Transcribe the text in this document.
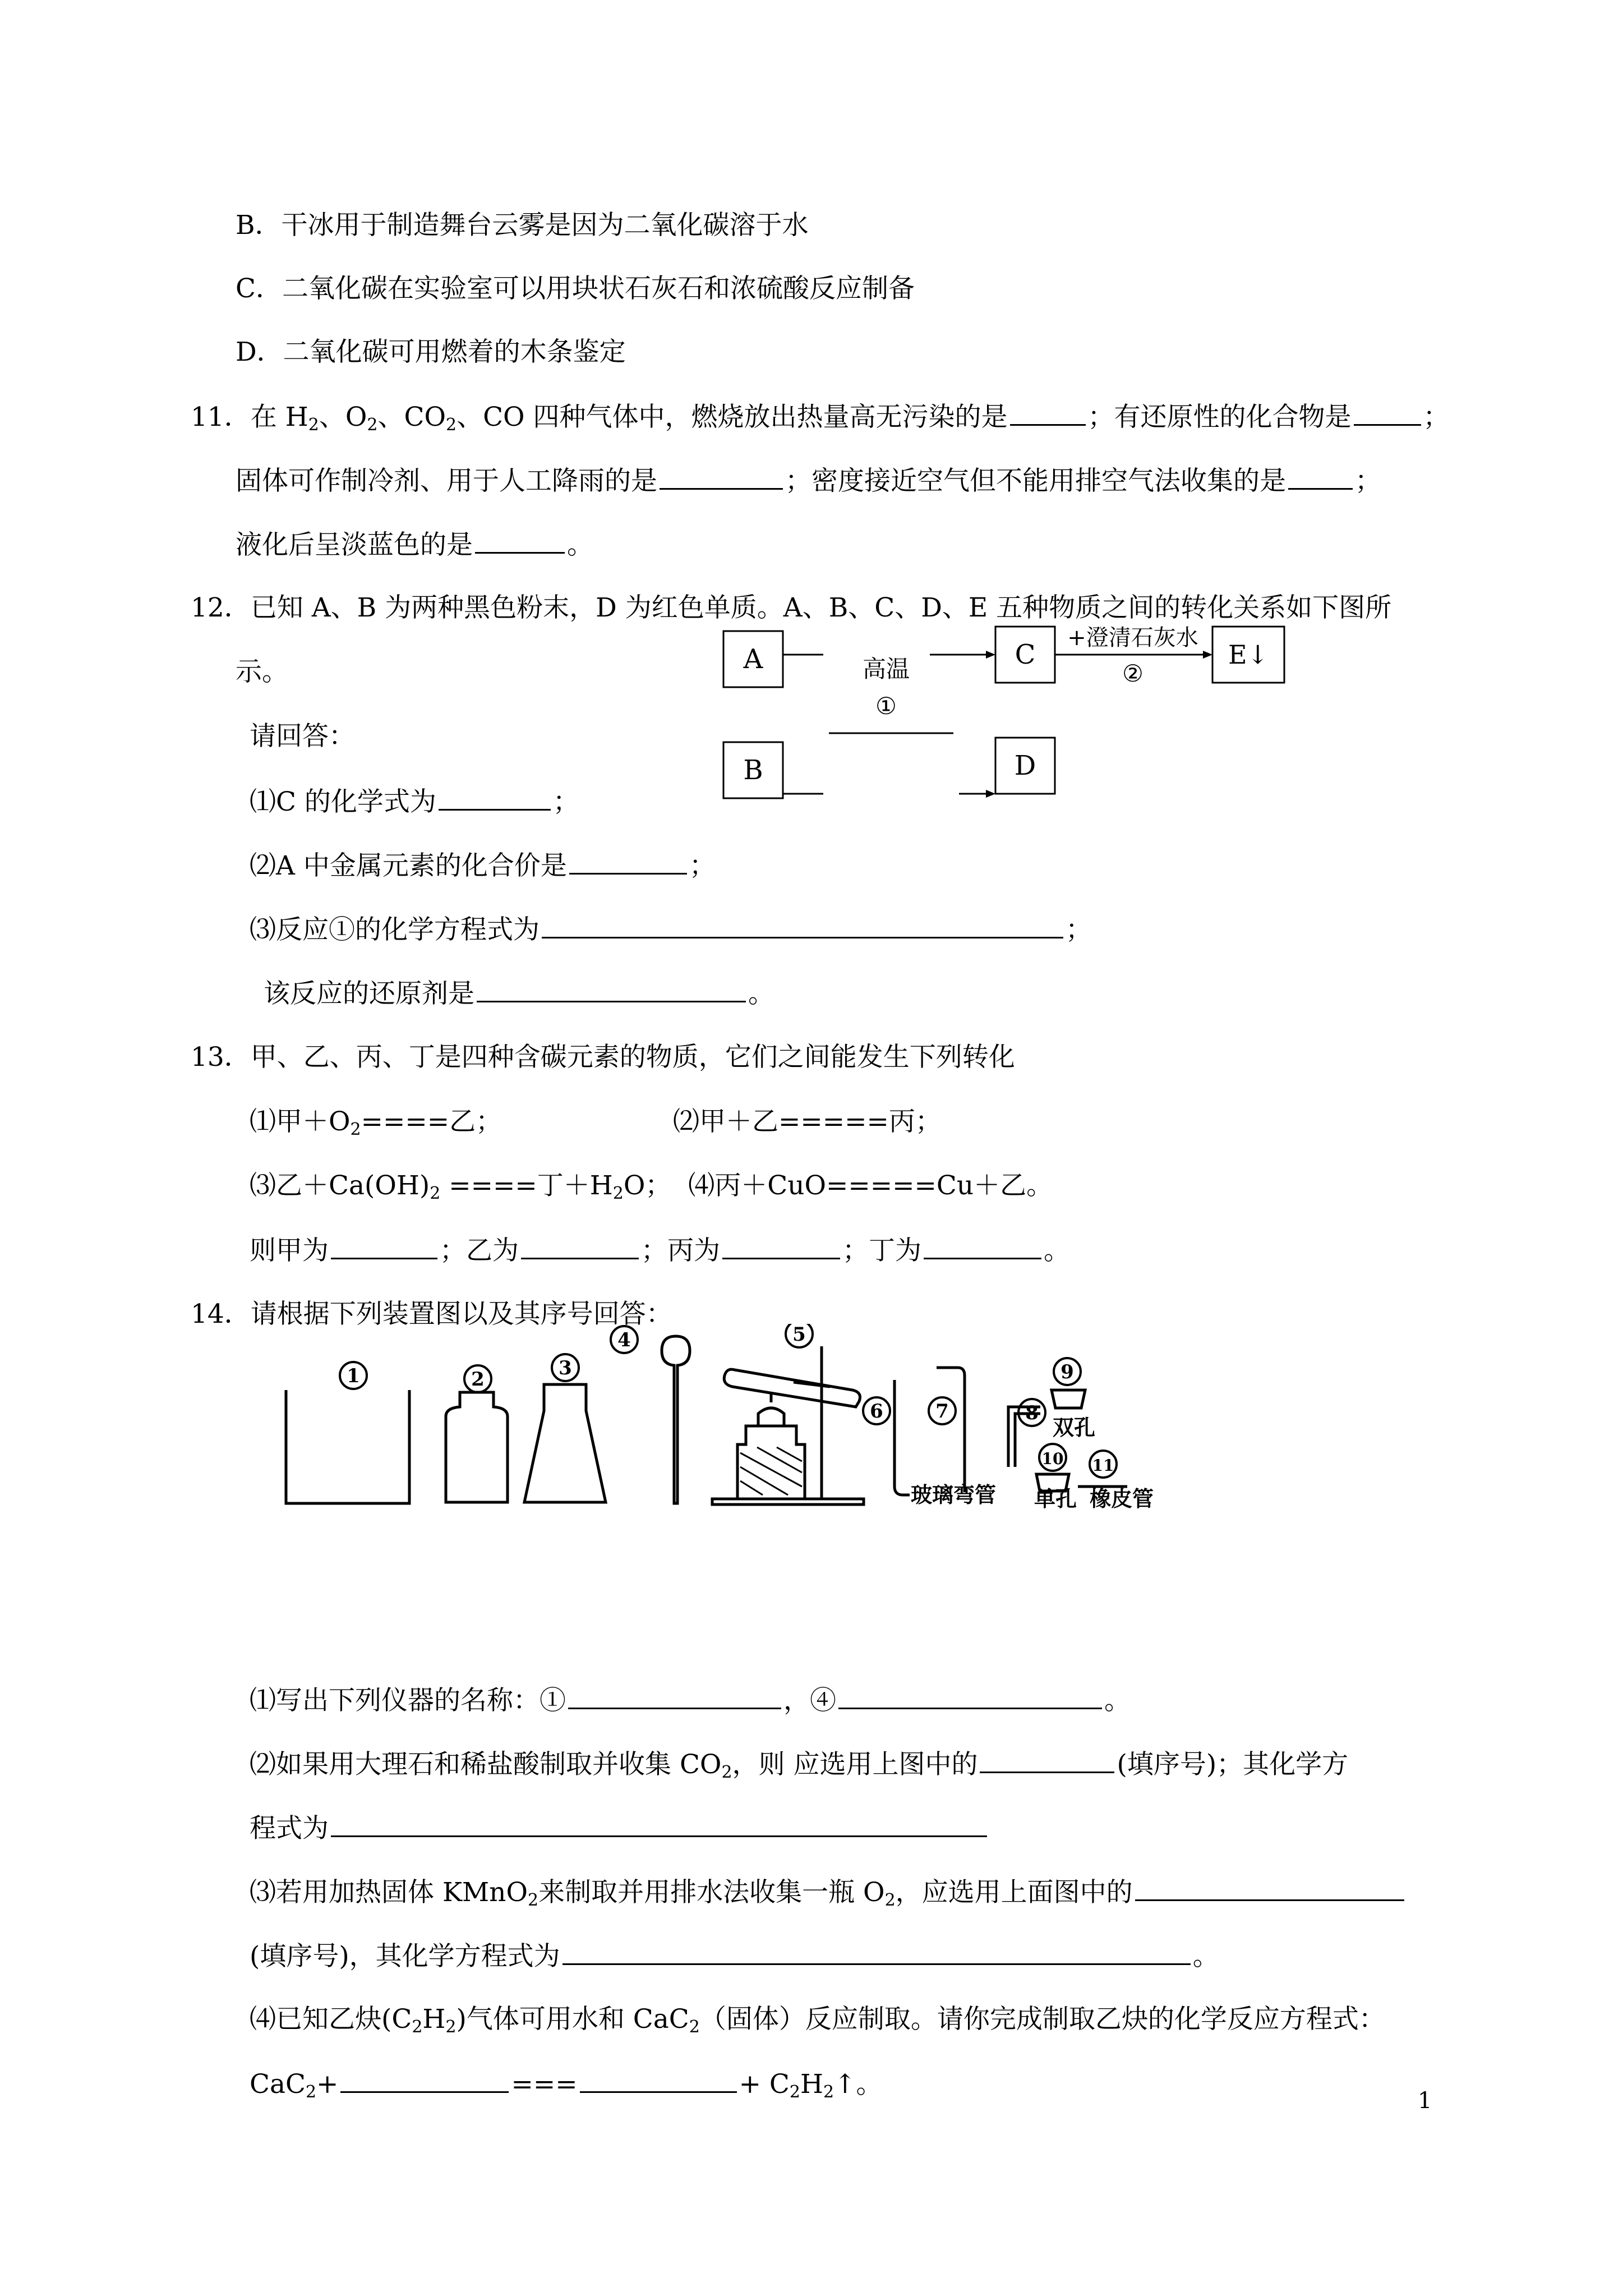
B．干冰用于制造舞台云雾是因为二氧化碳溶于水
C．二氧化碳在实验室可以用块状石灰石和浓硫酸反应制备
D．二氧化碳可用燃着的木条鉴定
11．在 $H_2$、$O_2$、$CO_2$、CO 四种气体中，燃烧放出热量高无污染的是	；有还原性的化合物是	；
固体可作制冷剂、用于人工降雨的是	；密度接近空气但不能用排空气法收集的是	；
液化后呈淡蓝色的是	。
12．已知 A、B 为两种黑色粉末，D 为红色单质。A、B、C、D、E 五种物质之间的转化关系如下图所
示。
请回答：
⑴C 的化学式为	；
⑵A 中金属元素的化合价是	；
⑶反应①的化学方程式为	；
该反应的还原剂是	。
A
B
C
D
E↓
高温
①
+澄清石灰水
②
13．甲、乙、丙、丁是四种含碳元素的物质，它们之间能发生下列转化
⑴甲$+O_2====$乙；	⑵甲＋乙=====丙；
⑶乙$+Ca(OH)_2$ ====丁$+H_2O$； ⑷丙＋CuO=====Cu＋乙。
则甲为	；乙为	；丙为	；丁为	。
14．请根据下列装置图以及其序号回答：
1	2	3
4	5
6	7	8
9
10 11
玻璃弯管
双孔
单孔 橡皮管
⑴写出下列仪器的名称：①	，④	。
⑵如果用大理石和稀盐酸制取并收集 $CO_2$，则 应选用上图中的	(填序号)；其化学方
程式为
⑶若用加热固体 KMnO$_2$来制取并用排水法收集一瓶 $O_2$，应选用上面图中的
(填序号)，其化学方程式为	。
⑷已知乙炔$(C_2H_2)$气体可用水和 CaC$_2$（固体）反应制取。请你完成制取乙炔的化学反应方程式：
CaC$_2$+	===	+ $C_2H_2↑$。
1
